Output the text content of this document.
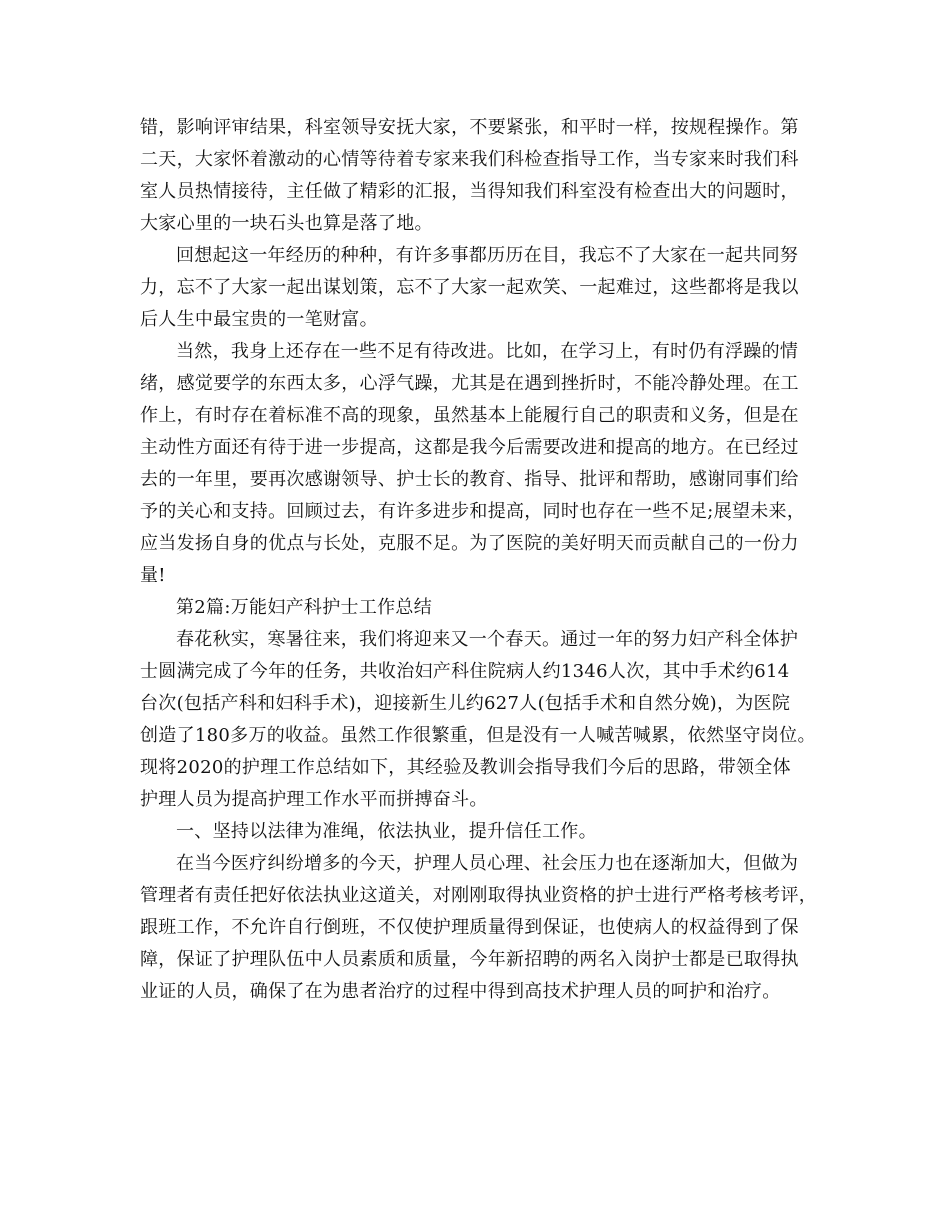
错，影响评审结果，科室领导安抚大家，不要紧张，和平时一样，按规程操作。第
二天，大家怀着激动的心情等待着专家来我们科检查指导工作，当专家来时我们科
室人员热情接待，主任做了精彩的汇报，当得知我们科室没有检查出大的问题时，
大家心里的一块石头也算是落了地。
回想起这一年经历的种种，有许多事都历历在目，我忘不了大家在一起共同努
力，忘不了大家一起出谋划策，忘不了大家一起欢笑、一起难过，这些都将是我以
后人生中最宝贵的一笔财富。
当然，我身上还存在一些不足有待改进。比如，在学习上，有时仍有浮躁的情
绪，感觉要学的东西太多，心浮气躁，尤其是在遇到挫折时，不能冷静处理。在工
作上，有时存在着标准不高的现象，虽然基本上能履行自己的职责和义务，但是在
主动性方面还有待于进一步提高，这都是我今后需要改进和提高的地方。在已经过
去的一年里，要再次感谢领导、护士长的教育、指导、批评和帮助，感谢同事们给
予的关心和支持。回顾过去，有许多进步和提高，同时也存在一些不足;展望未来，
应当发扬自身的优点与长处，克服不足。为了医院的美好明天而贡献自己的一份力
量!
第2篇:万能妇产科护士工作总结
春花秋实，寒暑往来，我们将迎来又一个春天。通过一年的努力妇产科全体护
士圆满完成了今年的任务，共收治妇产科住院病人约1346人次，其中手术约614
台次(包括产科和妇科手术)，迎接新生儿约627人(包括手术和自然分娩)，为医院
创造了180多万的收益。虽然工作很繁重，但是没有一人喊苦喊累，依然坚守岗位。
现将2020的护理工作总结如下，其经验及教训会指导我们今后的思路，带领全体
护理人员为提高护理工作水平而拼搏奋斗。
一、坚持以法律为准绳，依法执业，提升信任工作。
在当今医疗纠纷增多的今天，护理人员心理、社会压力也在逐渐加大，但做为
管理者有责任把好依法执业这道关，对刚刚取得执业资格的护士进行严格考核考评，
跟班工作，不允许自行倒班，不仅使护理质量得到保证，也使病人的权益得到了保
障，保证了护理队伍中人员素质和质量，今年新招聘的两名入岗护士都是已取得执
业证的人员，确保了在为患者治疗的过程中得到高技术护理人员的呵护和治疗。
